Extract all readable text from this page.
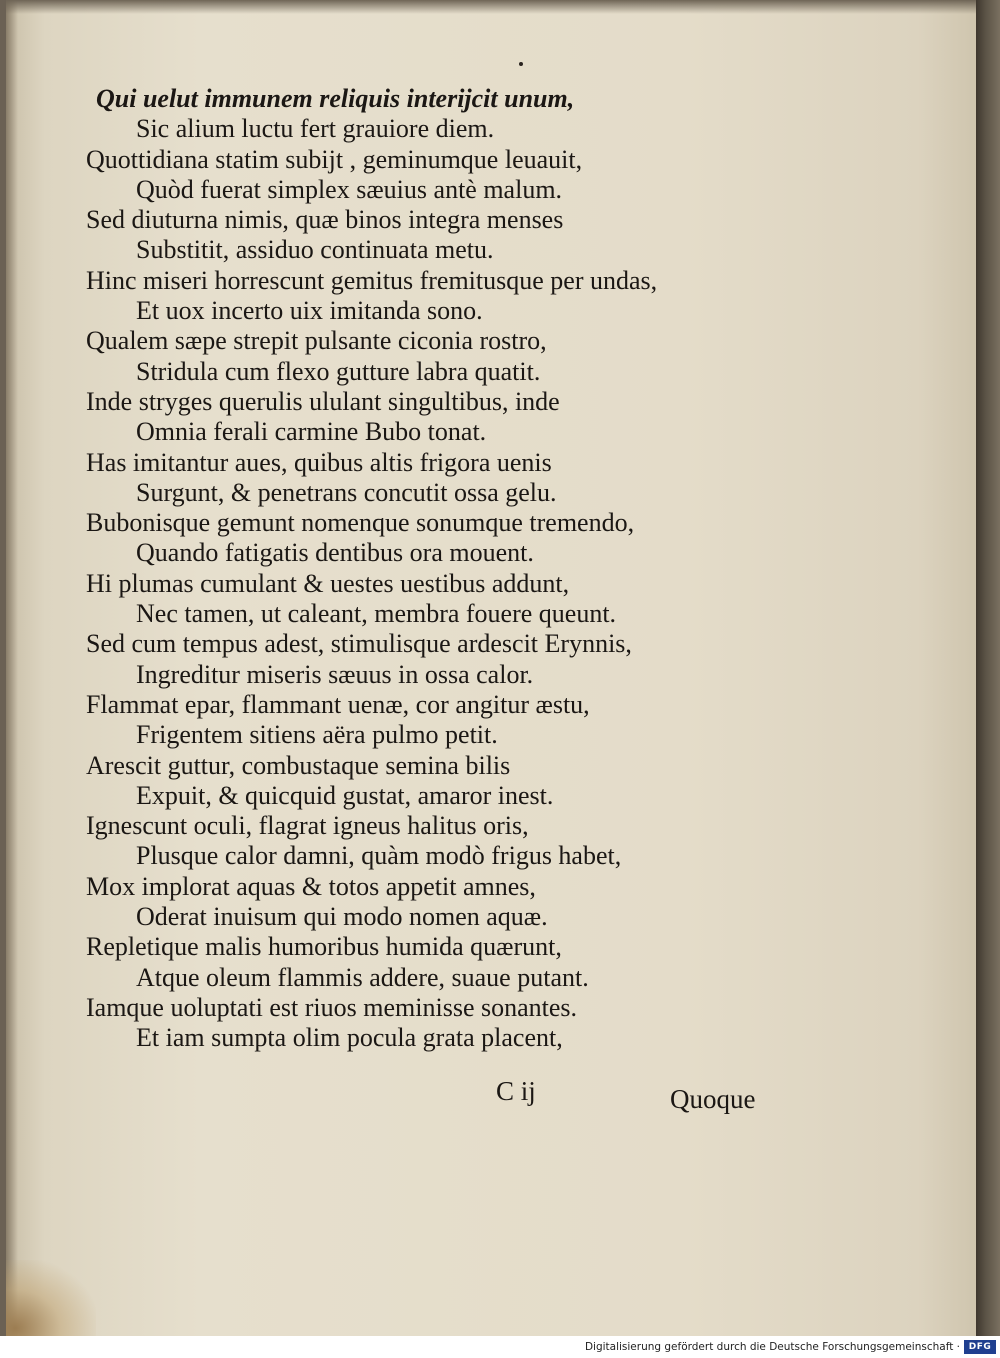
Qui uelut immunem reliquis interijcit unum,
Sic alium luctu fert grauiore diem.
Quottidiana statim subijt , geminumque leuauit,
Quòd fuerat simplex sæuius antè malum.
Sed diuturna nimis, quæ binos integra menses
Substitit, assiduo continuata metu.
Hinc miseri horrescunt gemitus fremitusque per undas,
Et uox incerto uix imitanda sono.
Qualem sæpe strepit pulsante ciconia rostro,
Stridula cum flexo gutture labra quatit.
Inde stryges querulis ululant singultibus, inde
Omnia ferali carmine Bubo tonat.
Has imitantur aues, quibus altis frigora uenis
Surgunt, & penetrans concutit ossa gelu.
Bubonisque gemunt nomenque sonumque tremendo,
Quando fatigatis dentibus ora mouent.
Hi plumas cumulant & uestes uestibus addunt,
Nec tamen, ut caleant, membra fouere queunt.
Sed cum tempus adest, stimulisque ardescit Erynnis,
Ingreditur miseris sæuus in ossa calor.
Flammat epar, flammant uenæ, cor angitur æstu,
Frigentem sitiens aëra pulmo petit.
Arescit guttur, combustaque semina bilis
Expuit, & quicquid gustat, amaror inest.
Ignescunt oculi, flagrat igneus halitus oris,
Plusque calor damni, quàm modò frigus habet,
Mox implorat aquas & totos appetit amnes,
Oderat inuisum qui modo nomen aquæ.
Repletique malis humoribus humida quærunt,
Atque oleum flammis addere, suaue putant.
Iamque uoluptati est riuos meminisse sonantes.
Et iam sumpta olim pocula grata placent,
C ij	Quoque
Digitalisierung gefördert durch die Deutsche Forschungsgemeinschaft · DFG
